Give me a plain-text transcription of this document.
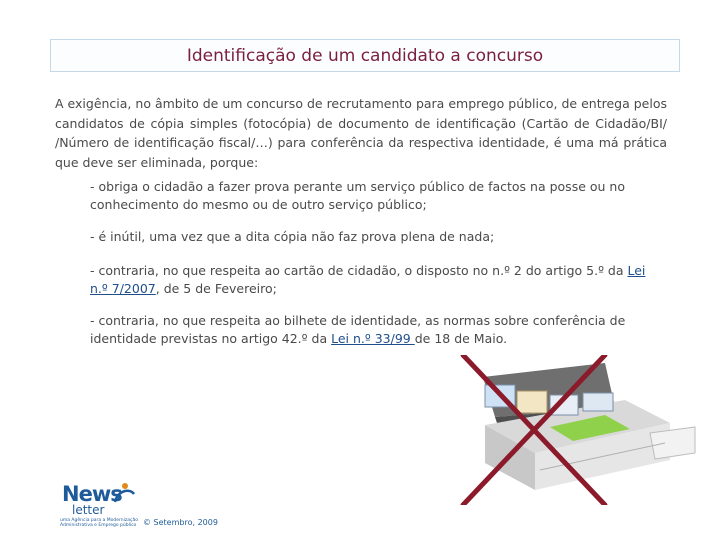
Identificação de um candidato a concurso

A exigência, no âmbito de um concurso de recrutamento para emprego público, de entrega pelos candidatos de cópia simples (fotocópia) de documento de identificação (Cartão de Cidadão/BI/ /Número de identificação fiscal/…) para conferência da respectiva identidade, é uma má prática que deve ser eliminada, porque:

- obriga o cidadão a fazer prova perante um serviço público de factos na posse ou no conhecimento do mesmo ou de outro serviço público;

- é inútil, uma vez que a dita cópia não faz prova plena de nada;

- contraria, no que respeita ao cartão de cidadão, o disposto no n.º 2 do artigo 5.º da Lei n.º 7/2007, de 5 de Fevereiro;

- contraria, no que respeita ao bilhete de identidade, as normas sobre conferência de identidade previstas no artigo 42.º da Lei n.º 33/99 de 18 de Maio.

News
letter
uma Agência para a Modernização Administrativa e Emprego público © Setembro, 2009
